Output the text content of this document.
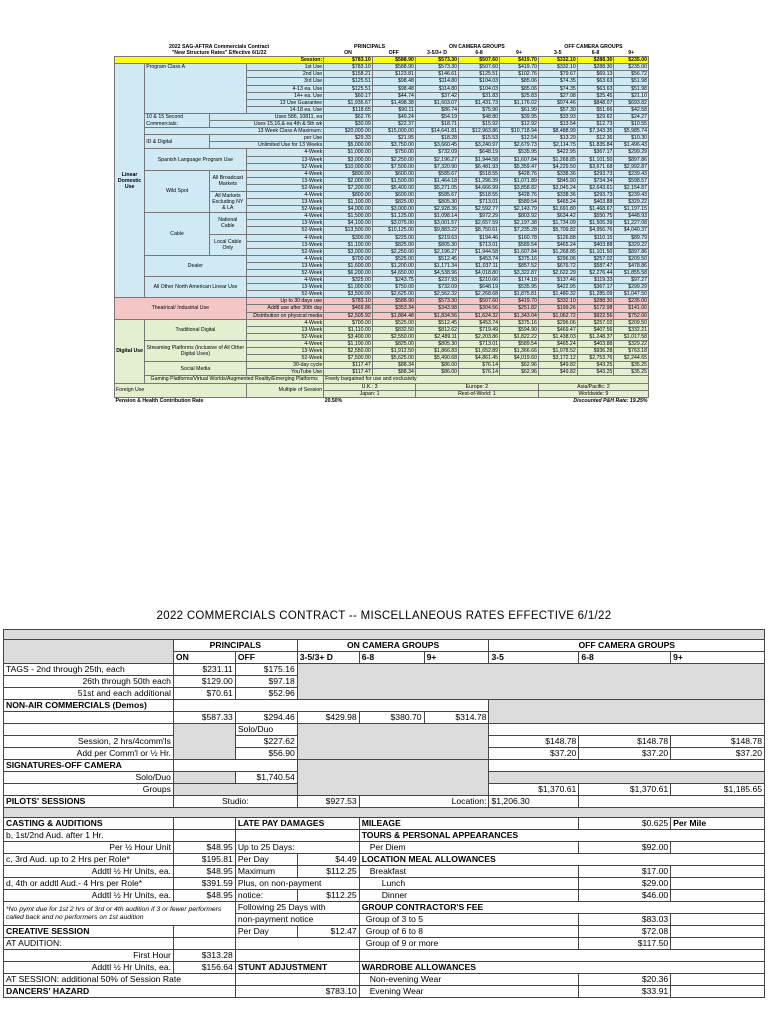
2022 SAG-AFTRA Commercials Contract				PRINCIPALS		ON CAMERA GROUPS			OFF CAMERA GROUPS		
"New Structure Rates" Effective 6/1/22				ON	OFF	3-5/3+ D	6-8	9+	3-5	6-8	9+
Session:				$783.10	$588.90	$573.30	$507.60	$419.70	$332.10	$288.30	$235.00
Linear Domestic Use	Program Class A		1st Use	$783.10	$588.90	$573.30	$507.60	$419.70	$332.10	$288.30	$235.00
			2nd Use	$158.21	$123.81	$146.61	$125.51	$102.76	$79.67	$69.13	$56.72
			3rd Use	$125.51	$98.48	$114.80	$104.03	$85.06	$74.35	$63.63	$51.98
			4-13 ea. Use	$125.51	$98.48	$114.80	$104.03	$85.06	$74.35	$63.63	$51.98
			14+ ea. Use	$60.17	$44.74	$37.42	$31.83	$25.83	$27.08	$25.45	$21.10
			13 Use Guarantee	$1,936.67	$1,498.38	$1,603.07	$1,431.73	$1,176.02	$974.46	$848.07	$693.82
			14-18 ea. Use	$118.65	$90.11	$86.74	$75.90	$61.99	$57.30	$51.66	$42.58
	10 & 15 Second Commercials:	Uses 586, 10811, ea		$62.76	$49.24	$54.19	$48.80	$39.95	$33.93	$29.62	$24.27
		Uses 15,16,& ea 4th & 5th wk		$30.09	$22.37	$18.71	$15.92	$12.92	$13.54	$12.73	$10.55
	13 Week Class A Maximum:			$20,000.00	$15,000.00	$14,641.81	$12,963.86	$10,718.94	$8,488.99	$7,343.35	$5,985.74
	ID & Digital	per Use		$29.33	$21.95	$18.28	$15.53	$12.54	$13.29	$12.36	$10.30
		Unlimited Use for 13 Weeks		$5,000.00	$3,750.00	$3,660.45	$3,240.97	$2,679.73	$2,114.75	$1,835.84	$1,496.43
	Spanish Language Program Use		4-Week	$1,000.00	$750.00	$732.09	$648.19	$535.95	$422.95	$367.17	$299.29
			13-Week	$3,000.00	$2,250.00	$2,196.27	$1,944.58	$1,607.84	$1,268.85	$1,101.50	$897.86
			52-Week	$10,000.00	$7,500.00	$7,320.90	$6,481.93	$5,359.47	$4,229.50	$3,671.68	$2,992.87
	Wild Spot	All Broadcast Markets	4-Week	$800.00	$600.00	$585.67	$518.55	$428.76	$338.36	$293.73	$239.43
			13-Week	$2,000.00	$1,500.00	$1,464.18	$1,296.39	$1,071.89	$845.90	$734.34	$598.57
			52-Week	$7,200.00	$5,400.00	$5,271.05	$4,666.99	$3,858.82	$3,045.24	$2,643.61	$2,154.87
		All Markets Excluding NY & LA	4-Week	$800.00	$600.00	$585.67	$518.55	$428.76	$338.36	$293.73	$239.43
			13-Week	$1,100.00	$825.00	$805.30	$713.01	$589.54	$465.24	$403.88	$329.22
			52-Week	$4,000.00	$3,000.00	$2,928.36	$2,592.77	$2,143.79	$1,691.80	$1,468.67	$1,197.15
	Cable	National Cable	4-Week	$1,500.00	$1,125.00	$1,098.14	$972.29	$803.92	$634.42	$550.75	$448.93
			13-Week	$4,100.00	$3,075.00	$3,001.57	$2,657.59	$2,197.38	$1,734.09	$1,505.39	$1,227.08
			52-Week	$13,500.00	$10,125.00	$9,883.22	$8,750.61	$7,235.28	$5,709.82	$4,956.76	$4,040.37
		Local Cable Only	4-Week	$300.00	$225.00	$219.63	$194.46	$160.78	$126.88	$110.15	$89.79
			13-Week	$1,100.00	$825.00	$805.30	$713.01	$589.54	$465.24	$403.88	$329.22
			52-Week	$3,000.00	$2,250.00	$2,196.27	$1,944.58	$1,607.84	$1,268.85	$1,101.50	$897.86
	Dealer		4-Week	$700.00	$525.00	$512.45	$453.74	$375.16	$296.06	$257.02	$209.50
			13-Week	$1,600.00	$1,200.00	$1,171.34	$1,037.11	$857.52	$676.72	$587.47	$478.86
			52-Week	$6,200.00	$4,650.00	$4,538.96	$4,018.80	$3,322.87	$2,622.29	$2,276.44	$1,855.58
	All Other North American Linear Use		4-Week	$325.00	$243.75	$237.93	$210.66	$174.18	$137.46	$119.33	$97.27
			13-Week	$1,000.00	$750.00	$732.09	$648.19	$535.95	$422.95	$367.17	$299.29
			52-Week	$3,500.00	$2,625.00	$2,562.32	$2,268.68	$1,875.81	$1,480.32	$1,285.09	$1,047.50
Theatrical/ Industrial Use			Up to 30 days use	$783.10	$588.90	$573.30	$507.60	$419.70	$332.10	$288.30	$235.00
			Addtl use after 30th day	$469.86	$353.34	$343.98	$304.56	$251.82	$199.26	$172.98	$141.00
			Distribution on physical media	$2,505.92	$1,884.48	$1,834.56	$1,624.32	$1,343.04	$1,062.72	$922.56	$752.00
Digital Use	Traditional Digital		4-Week	$700.00	$525.00	$512.45	$453.74	$375.16	$296.06	$257.02	$209.50
			13-Week	$1,110.00	$832.50	$812.62	$719.49	$594.90	$469.47	$407.56	$332.21
			52-Week	$3,400.00	$2,550.00	$2,489.11	$2,203.86	$1,822.22	$1,438.03	$1,248.37	$1,017.58
	Streaming Platforms (Inclusive of All Other Digital Uses)		4-Week	$1,100.00	$825.00	$805.30	$713.01	$589.54	$465.24	$403.88	$329.22
			13-Week	$2,550.00	$1,912.50	$1,866.83	$1,652.89	$1,366.66	$1,078.52	$936.28	$763.18
			52-Week	$7,500.00	$5,625.00	$5,490.68	$4,861.45	$4,019.60	$3,172.12	$2,753.76	$2,244.65
	Social Media		30-day cycle	$117.47	$88.34	$86.00	$76.14	$62.96	$49.82	$43.25	$35.25
			YouTube Use	$117.47	$88.34	$86.00	$76.14	$62.96	$49.82	$43.25	$35.25
	Gaming Platforms/Virtual Worlds/Augmented Reality/Emerging Platforms			Freely bargained for use and exclusivity							
Foreign Use			Multiple of Session	U.K.: 3		Europe: 2			Asia/Pacific: 2		
				Japan: 1		Rest-of-World: 1			Worldwide: 9		
Pension & Health Contribution Rate				20.50%		Discounted P&H Rate: 19.25%					
2022 COMMERCIALS CONTRACT -- MISCELLANEOUS RATES EFFECTIVE 6/1/22

	PRINCIPALS		ON CAMERA GROUPS			OFF CAMERA GROUPS		
	ON	OFF	3-5/3+ D	6-8	9+	3-5	6-8	9+
TAGS - 2nd through 25th, each	$231.11	$175.16						
26th through 50th each	$129.00	$97.18						
51st and each additional	$70.61	$52.96						
NON-AIR COMMERCIALS (Demos)								
	$587.33	$294.46	$429.98	$380.70	$314.78			
		Solo/Duo						
Session, 2 hrs/4comm'ls		$227.62				$148.78	$148.78	$148.78
Add per Comm'l or ½ Hr.		$56.90				$37.20	$37.20	$37.20
SIGNATURES-OFF CAMERA								
Solo/Duo		$1,740.54						
Groups						$1,370.61	$1,370.61	$1,185.65
PILOTS' SESSIONS	Studio:		$927.53	Location:		$1,206.30		

CASTING & AUDITIONS		LATE PAY DAMAGES		MILEAGE			$0.625	Per Mile
b, 1st/2nd Aud. after 1 Hr.				TOURS & PERSONAL APPEARANCES				
Per ½ Hour Unit	$48.95	Up to 25 Days:		Per Diem			$92.00	
c, 3rd Aud. up to 2 Hrs per Role*	$195.81	Per Day	$4.49	LOCATION MEAL ALLOWANCES				
Addtl ½ Hr Units, ea.	$48.95	Maximum	$112.25	Breakfast			$17.00	
d, 4th or addtl Aud.- 4 Hrs per Role*	$391.59	Plus, on non-payment		Lunch			$29.00	
Addtl ½ Hr Units, ea.	$48.95	notice:	$112.25	Dinner			$46.00	
*No pymt due for 1st 2 hrs of 3rd or 4th audition if 3 or fewer performers called back and no performers on 1st audition		Following 25 Days with		GROUP CONTRACTOR'S FEE				
		non-payment notice		Group of 3 to 5			$83.03	
CREATIVE SESSION		Per Day	$12.47	Group of 6 to 8			$72.08	
AT AUDITION:				Group of 9 or more			$117.50	
First Hour	$313.28							
Addtl ½ Hr Units, ea.	$156.64	STUNT ADJUSTMENT		WARDROBE ALLOWANCES				
AT SESSION: additional 50% of Session Rate				Non-evening Wear			$20.36	
DANCERS' HAZARD		$783.10		Evening Wear			$33.91	
